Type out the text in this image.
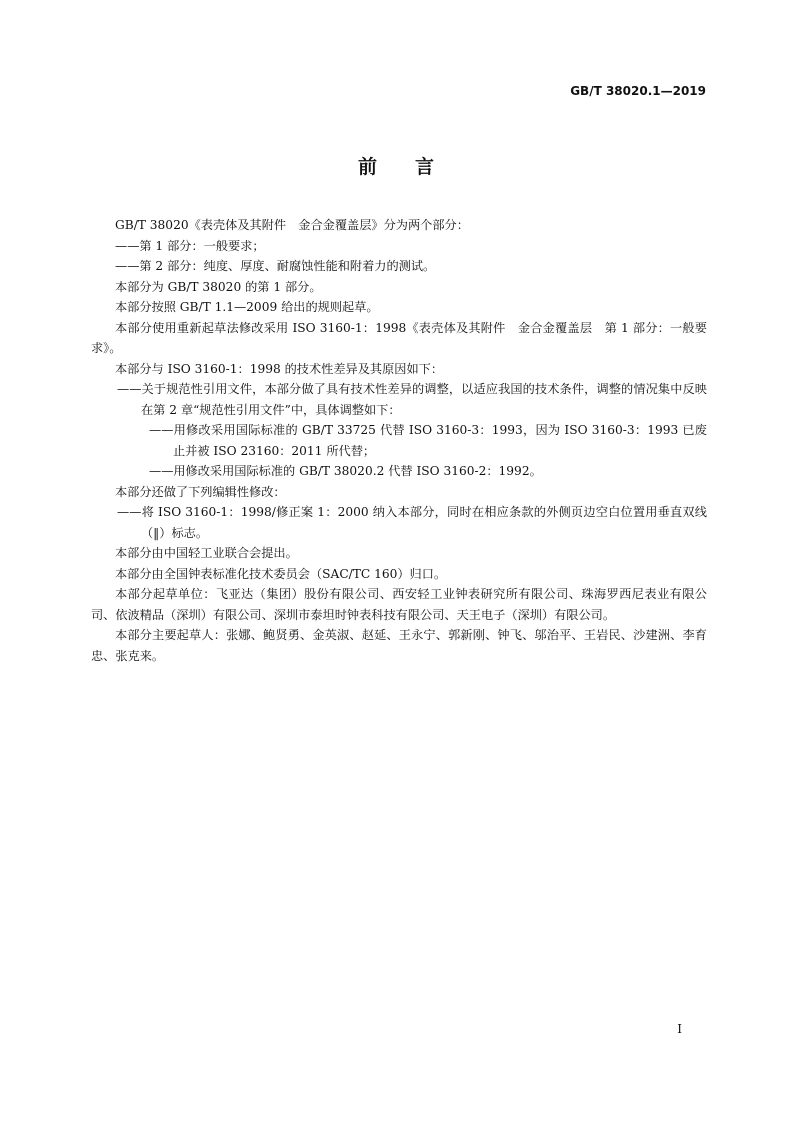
GB/T 38020.1—2019
前 言
GB/T 38020《表壳体及其附件　金合金覆盖层》分为两个部分：
——第 1 部分：一般要求；
——第 2 部分：纯度、厚度、耐腐蚀性能和附着力的测试。
本部分为 GB/T 38020 的第 1 部分。
本部分按照 GB/T 1.1—2009 给出的规则起草。
本部分使用重新起草法修改采用 ISO 3160-1：1998《表壳体及其附件　金合金覆盖层　第 1 部分：一般要求》。
本部分与 ISO 3160-1：1998 的技术性差异及其原因如下：
——关于规范性引用文件，本部分做了具有技术性差异的调整，以适应我国的技术条件，调整的情况集中反映在第 2 章“规范性引用文件”中，具体调整如下：
——用修改采用国际标准的 GB/T 33725 代替 ISO 3160-3：1993，因为 ISO 3160-3：1993 已废止并被 ISO 23160：2011 所代替；
——用修改采用国际标准的 GB/T 38020.2 代替 ISO 3160-2：1992。
本部分还做了下列编辑性修改：
——将 ISO 3160-1：1998/修正案 1：2000 纳入本部分，同时在相应条款的外侧页边空白位置用垂直双线（‖）标志。
本部分由中国轻工业联合会提出。
本部分由全国钟表标准化技术委员会（SAC/TC 160）归口。
本部分起草单位：飞亚达（集团）股份有限公司、西安轻工业钟表研究所有限公司、珠海罗西尼表业有限公司、依波精品（深圳）有限公司、深圳市泰坦时钟表科技有限公司、天王电子（深圳）有限公司。
本部分主要起草人：张娜、鲍贤勇、金英淑、赵延、王永宁、郭新刚、钟飞、邬治平、王岩民、沙建洲、李育忠、张克来。
I
